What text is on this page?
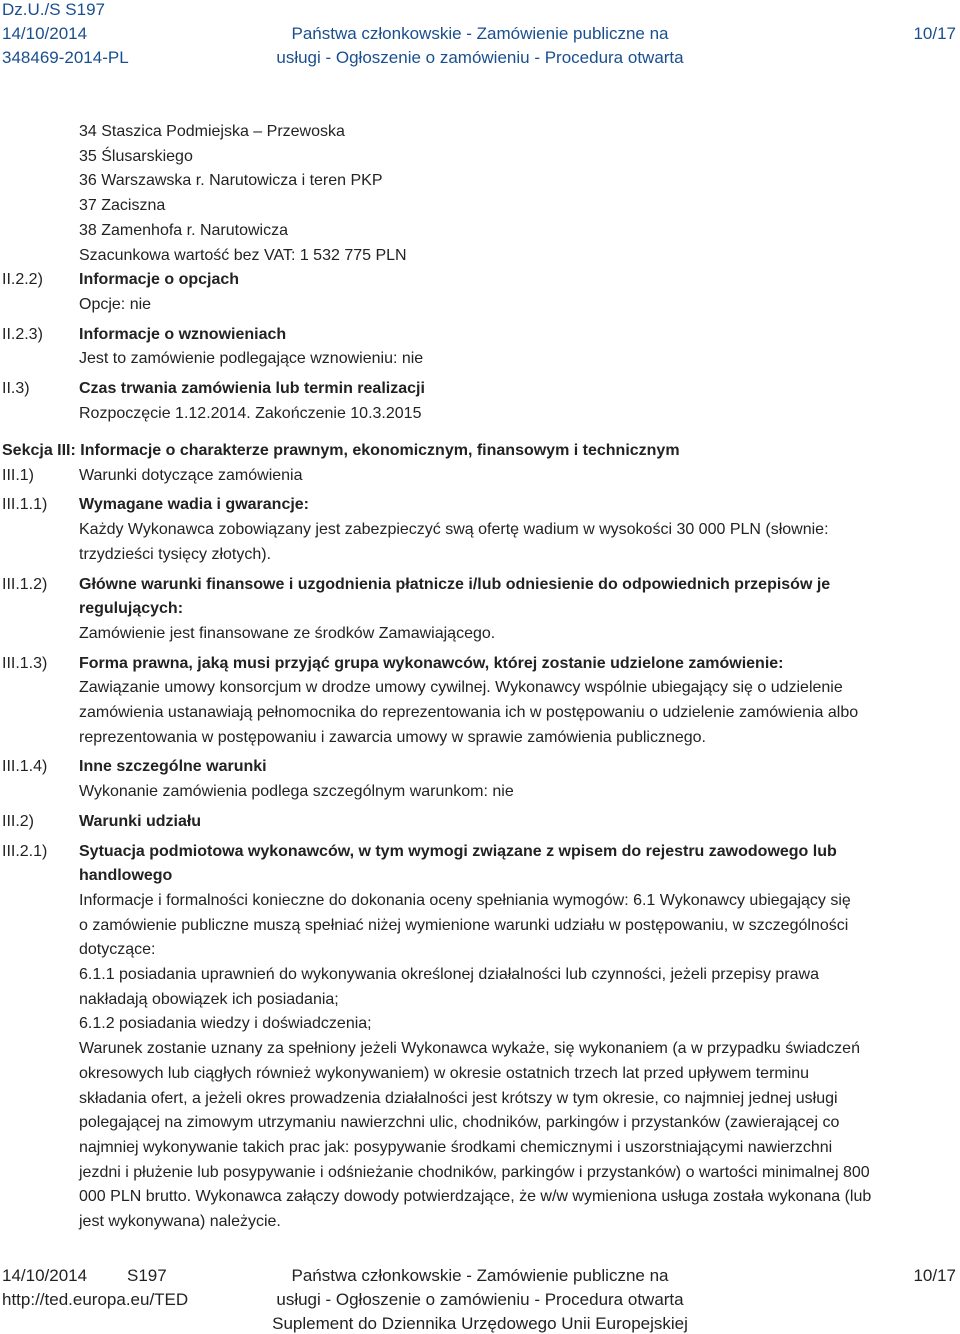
Dz.U./S S197
14/10/2014
348469-2014-PL
Państwa członkowskie - Zamówienie publiczne na
usługi - Ogłoszenie o zamówieniu - Procedura otwarta
10/17
34 Staszica Podmiejska – Przewoska
35 Ślusarskiego
36 Warszawska r. Narutowicza i teren PKP
37 Zaciszna
38 Zamenhofa r. Narutowicza
Szacunkowa wartość bez VAT: 1 532 775 PLN
II.2.2) Informacje o opcjach
Opcje: nie
II.2.3) Informacje o wznowieniach
Jest to zamówienie podlegające wznowieniu: nie
II.3)	Czas trwania zamówienia lub termin realizacji
Rozpoczęcie 1.12.2014. Zakończenie 10.3.2015
Sekcja III: Informacje o charakterze prawnym, ekonomicznym, finansowym i technicznym
III.1)	Warunki dotyczące zamówienia
III.1.1) Wymagane wadia i gwarancje:
Każdy Wykonawca zobowiązany jest zabezpieczyć swą ofertę wadium w wysokości 30 000 PLN (słownie:
trzydzieści tysięcy złotych).
III.1.2) Główne warunki finansowe i uzgodnienia płatnicze i/lub odniesienie do odpowiednich przepisów je
regulujących:
Zamówienie jest finansowane ze środków Zamawiającego.
III.1.3) Forma prawna, jaką musi przyjąć grupa wykonawców, której zostanie udzielone zamówienie:
Zawiązanie umowy konsorcjum w drodze umowy cywilnej. Wykonawcy wspólnie ubiegający się o udzielenie
zamówienia ustanawiają pełnomocnika do reprezentowania ich w postępowaniu o udzielenie zamówienia albo
reprezentowania w postępowaniu i zawarcia umowy w sprawie zamówienia publicznego.
III.1.4) Inne szczególne warunki
Wykonanie zamówienia podlega szczególnym warunkom: nie
III.2)	Warunki udziału
III.2.1) Sytuacja podmiotowa wykonawców, w tym wymogi związane z wpisem do rejestru zawodowego lub
handlowego
Informacje i formalności konieczne do dokonania oceny spełniania wymogów: 6.1 Wykonawcy ubiegający się
o zamówienie publiczne muszą spełniać niżej wymienione warunki udziału w postępowaniu, w szczególności
dotyczące:
6.1.1 posiadania uprawnień do wykonywania określonej działalności lub czynności, jeżeli przepisy prawa
nakładają obowiązek ich posiadania;
6.1.2 posiadania wiedzy i doświadczenia;
Warunek zostanie uznany za spełniony jeżeli Wykonawca wykaże, się wykonaniem (a w przypadku świadczeń
okresowych lub ciągłych również wykonywaniem) w okresie ostatnich trzech lat przed upływem terminu
składania ofert, a jeżeli okres prowadzenia działalności jest krótszy w tym okresie, co najmniej jednej usługi
polegającej na zimowym utrzymaniu nawierzchni ulic, chodników, parkingów i przystanków (zawierającej co
najmniej wykonywanie takich prac jak: posypywanie środkami chemicznymi i uszorstniającymi nawierzchni
jezdni i płużenie lub posypywanie i odśnieżanie chodników, parkingów i przystanków) o wartości minimalnej 800
000 PLN brutto. Wykonawca załączy dowody potwierdzające, że w/w wymieniona usługa została wykonana (lub
jest wykonywana) należycie.
14/10/2014 S197
http://ted.europa.eu/TED
Państwa członkowskie - Zamówienie publiczne na
usługi - Ogłoszenie o zamówieniu - Procedura otwarta
Suplement do Dziennika Urzędowego Unii Europejskiej
10/17
